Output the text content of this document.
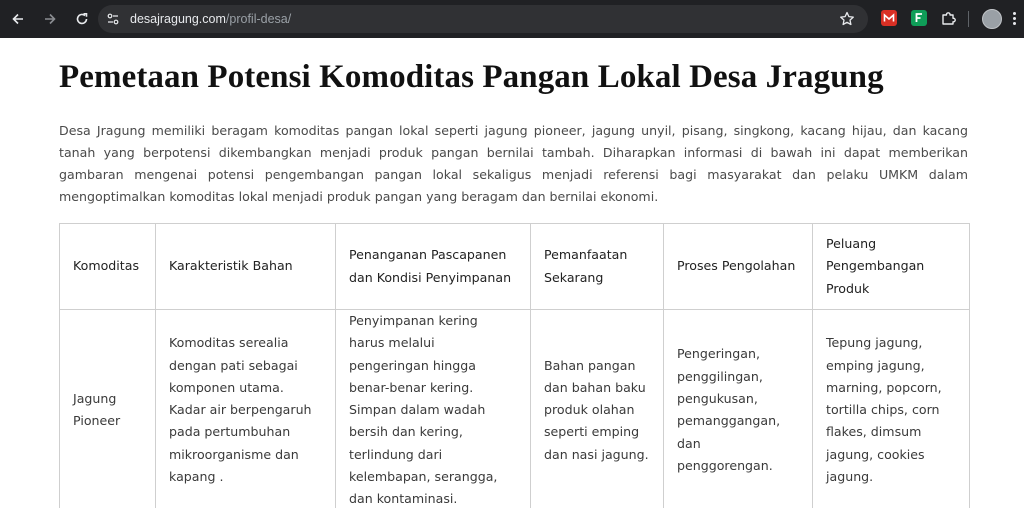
desajragung.com/profil-desa/
Pemetaan Potensi Komoditas Pangan Lokal Desa Jragung

Desa Jragung memiliki beragam komoditas pangan lokal seperti jagung pioneer, jagung unyil, pisang, singkong, kacang hijau, dan kacang tanah yang berpotensi dikembangkan menjadi produk pangan bernilai tambah. Diharapkan informasi di bawah ini dapat memberikan gambaran mengenai potensi pengembangan pangan lokal sekaligus menjadi referensi bagi masyarakat dan pelaku UMKM dalam mengoptimalkan komoditas lokal menjadi produk pangan yang beragam dan bernilai ekonomi.

Komoditas	Karakteristik Bahan	Penanganan Pascapanen dan Kondisi Penyimpanan	Pemanfaatan Sekarang	Proses Pengolahan	Peluang Pengembangan Produk
Jagung Pioneer	Komoditas serealia dengan pati sebagai komponen utama. Kadar air berpengaruh pada pertumbuhan mikroorganisme dan kapang .	Penyimpanan kering harus melalui pengeringan hingga benar-benar kering. Simpan dalam wadah bersih dan kering, terlindung dari kelembapan, serangga, dan kontaminasi.	Bahan pangan dan bahan baku produk olahan seperti emping dan nasi jagung.	Pengeringan, penggilingan, pengukusan, pemanggangan, dan penggorengan.	Tepung jagung, emping jagung, marning, popcorn, tortilla chips, corn flakes, dimsum jagung, cookies jagung.
